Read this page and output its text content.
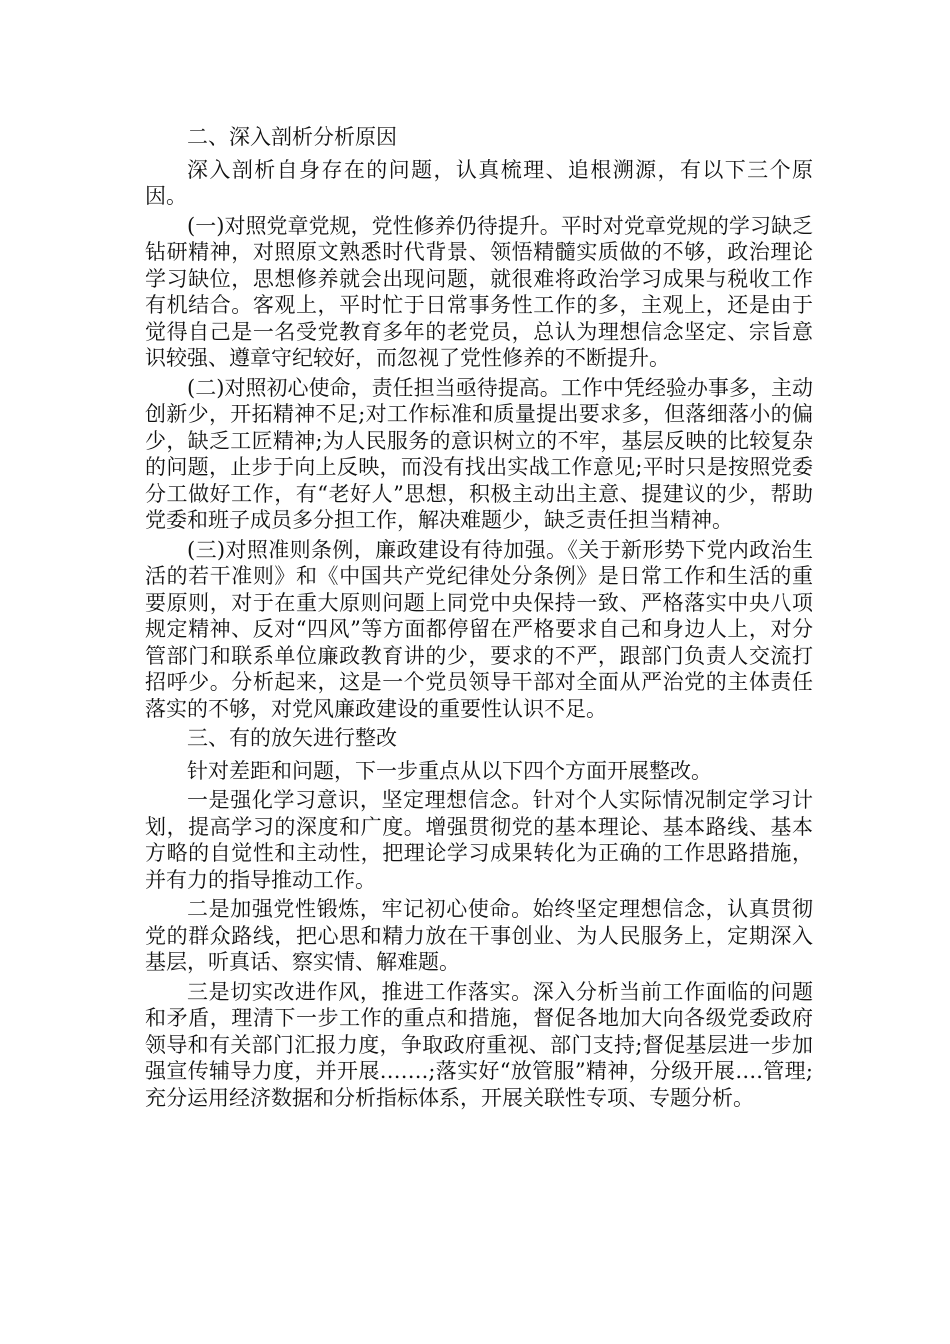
二、深入剖析分析原因

深入剖析自身存在的问题，认真梳理、追根溯源，有以下三个原因。

(一)对照党章党规，党性修养仍待提升。平时对党章党规的学习缺乏钻研精神，对照原文熟悉时代背景、领悟精髓实质做的不够，政治理论学习缺位，思想修养就会出现问题，就很难将政治学习成果与税收工作有机结合。客观上，平时忙于日常事务性工作的多，主观上，还是由于觉得自己是一名受党教育多年的老党员，总认为理想信念坚定、宗旨意识较强、遵章守纪较好，而忽视了党性修养的不断提升。

(二)对照初心使命，责任担当亟待提高。工作中凭经验办事多，主动创新少，开拓精神不足;对工作标准和质量提出要求多，但落细落小的偏少，缺乏工匠精神;为人民服务的意识树立的不牢，基层反映的比较复杂的问题，止步于向上反映，而没有找出实战工作意见;平时只是按照党委分工做好工作，有“老好人”思想，积极主动出主意、提建议的少，帮助党委和班子成员多分担工作，解决难题少，缺乏责任担当精神。

(三)对照准则条例，廉政建设有待加强。《关于新形势下党内政治生活的若干准则》和《中国共产党纪律处分条例》是日常工作和生活的重要原则，对于在重大原则问题上同党中央保持一致、严格落实中央八项规定精神、反对“四风”等方面都停留在严格要求自己和身边人上，对分管部门和联系单位廉政教育讲的少，要求的不严，跟部门负责人交流打招呼少。分析起来，这是一个党员领导干部对全面从严治党的主体责任落实的不够，对党风廉政建设的重要性认识不足。

三、有的放矢进行整改

针对差距和问题，下一步重点从以下四个方面开展整改。

一是强化学习意识，坚定理想信念。针对个人实际情况制定学习计划，提高学习的深度和广度。增强贯彻党的基本理论、基本路线、基本方略的自觉性和主动性，把理论学习成果转化为正确的工作思路措施，并有力的指导推动工作。

二是加强党性锻炼，牢记初心使命。始终坚定理想信念，认真贯彻党的群众路线，把心思和精力放在干事创业、为人民服务上，定期深入基层，听真话、察实情、解难题。

三是切实改进作风，推进工作落实。深入分析当前工作面临的问题和矛盾，理清下一步工作的重点和措施，督促各地加大向各级党委政府领导和有关部门汇报力度，争取政府重视、部门支持;督促基层进一步加强宣传辅导力度，并开展…….;落实好“放管服”精神，分级开展….管理;充分运用经济数据和分析指标体系，开展关联性专项、专题分析。
